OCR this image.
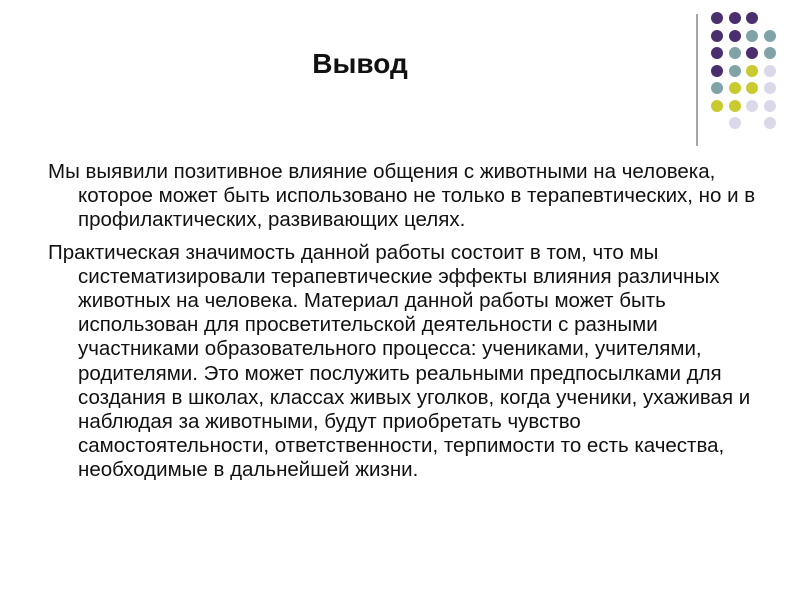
Вывод

Мы выявили позитивное влияние общения с животными на человека, которое может быть использовано не только в терапевтических, но и в профилактических, развивающих целях.

Практическая значимость данной работы состоит в том, что мы систематизировали терапевтические эффекты влияния различных животных на человека. Материал данной работы может быть использован для просветительской деятельности с разными участниками образовательного процесса: учениками, учителями, родителями. Это может послужить реальными предпосылками для создания в школах, классах живых уголков, когда ученики, ухаживая и наблюдая за животными, будут приобретать чувство самостоятельности, ответственности, терпимости то есть качества, необходимые в дальнейшей жизни.
